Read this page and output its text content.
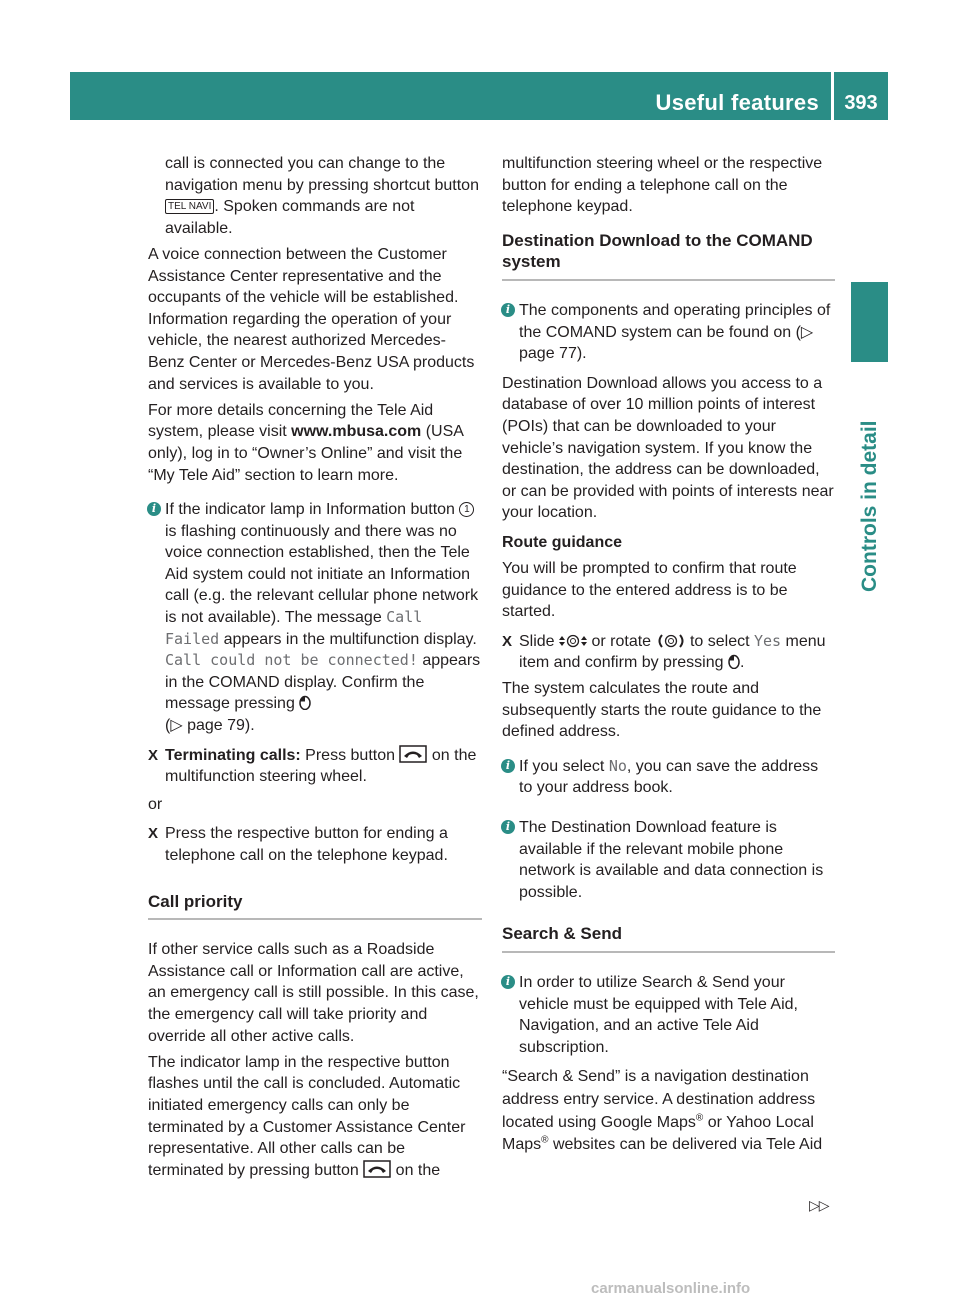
Useful features	393
Controls in detail

call is connected you can change to the navigation menu by pressing shortcut button TEL NAVI . Spoken commands are not available.

A voice connection between the Customer Assistance Center representative and the occupants of the vehicle will be established. Information regarding the operation of your vehicle, the nearest authorized Mercedes-Benz Center or Mercedes-Benz USA products and services is available to you.

For more details concerning the Tele Aid system, please visit www.mbusa.com (USA only), log in to “Owner’s Online” and visit the “My Tele Aid” section to learn more.

i If the indicator lamp in Information button 1 is flashing continuously and there was no voice connection established, then the Tele Aid system could not initiate an Information call (e.g. the relevant cellular phone network is not available). The message Call Failed appears in the multifunction display. Call could not be connected! appears in the COMAND display. Confirm the message pressing
(▷ page 79).
X Terminating calls: Press button  on the multifunction steering wheel.

or

X Press the respective button for ending a telephone call on the telephone keypad.
Call priority

If other service calls such as a Roadside Assistance call or Information call are active, an emergency call is still possible. In this case, the emergency call will take priority and override all other active calls.

The indicator lamp in the respective button flashes until the call is concluded. Automatic initiated emergency calls can only be terminated by a Customer Assistance Center representative. All other calls can be terminated by pressing button  on the

multifunction steering wheel or the respective button for ending a telephone call on the telephone keypad.

Destination Download to the COMAND system
i The components and operating principles of the COMAND system can be found on (▷ page 77).

Destination Download allows you access to a database of over 10 million points of interest (POIs) that can be downloaded to your vehicle’s navigation system. If you know the destination, the address can be downloaded, or can be provided with points of interests near your location.

Route guidance

You will be prompted to confirm that route guidance to the entered address is to be started.

X Slide  or rotate  to select Yes menu item and confirm by pressing .

The system calculates the route and subsequently starts the route guidance to the defined address.

i If you select No, you can save the address to your address book.
i The Destination Download feature is available if the relevant mobile phone network is available and data connection is possible.
Search & Send
i In order to utilize Search & Send your vehicle must be equipped with Tele Aid, Navigation, and an active Tele Aid subscription.

“Search & Send” is a navigation destination address entry service. A destination address located using Google Maps® or Yahoo Local Maps® websites can be delivered via Tele Aid

▷▷
carmanualsonline.info
